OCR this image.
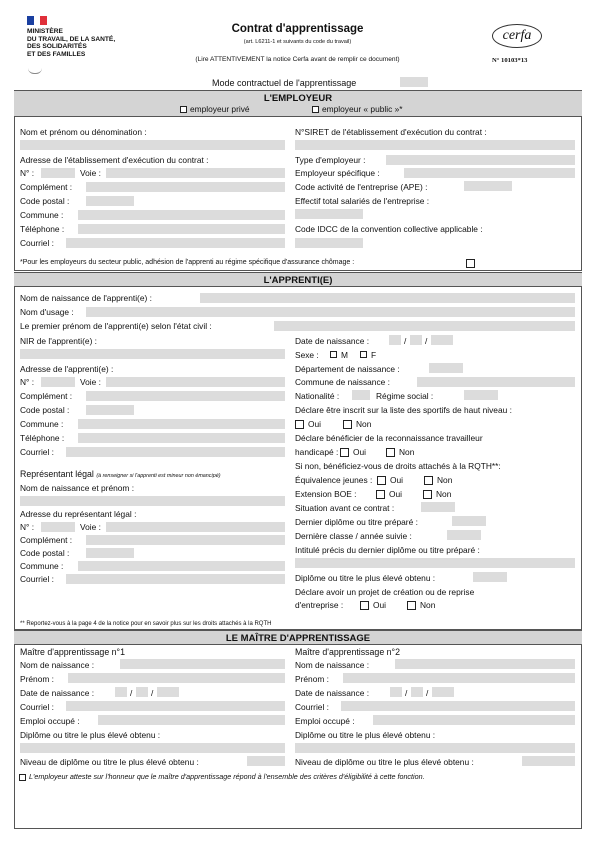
MINISTÈRE
DU TRAVAIL, DE LA SANTÉ,
DES SOLIDARITÉS
ET DES FAMILLES
Contrat d'apprentissage
(art. L6211-1 et suivants du code du travail)
(Lire ATTENTIVEMENT la notice Cerfa avant de remplir ce document)
cerfa
N° 10103*13
Mode contractuel de l'apprentissage
L'EMPLOYEUR
employeur privé	employeur « public »*
Nom et prénom ou dénomination :
Adresse de l'établissement d'exécution du contrat :
N° :	Voie :
Complément :
Code postal :
Commune :
Téléphone :
Courriel :
N°SIRET de l'établissement d'exécution du contrat :
Type d'employeur :
Employeur spécifique :
Code activité de l'entreprise (APE) :
Effectif total salariés de l'entreprise :
Code IDCC de la convention collective applicable :
*Pour les employeurs du secteur public, adhésion de l'apprenti au régime spécifique d'assurance chômage :
L'APPRENTI(E)
Nom de naissance de l'apprenti(e) :
Nom d'usage :
Le premier prénom de l'apprenti(e) selon l'état civil :
NIR de l'apprenti(e) :
Adresse de l'apprenti(e) :
N° :	Voie :
Complément :
Code postal :
Commune :
Téléphone :
Courriel :
Représentant légal (à renseigner si l'apprenti est mineur non émancipé)
Nom de naissance et prénom :
Adresse du représentant légal :
N° :	Voie :
Complément :
Code postal :
Commune :
Courriel :
Date de naissance :	/ /
Sexe :	M	F
Département de naissance :
Commune de naissance :
Nationalité :	Régime social :
Déclare être inscrit sur la liste des sportifs de haut niveau :
Oui	Non
Déclare bénéficier de la reconnaissance travailleur
handicapé : Oui	Non
Si non, bénéficiez-vous de droits attachés à la RQTH**:
Équivalence jeunes : Oui	Non
Extension BOE :	Oui	Non
Situation avant ce contrat :
Dernier diplôme ou titre préparé :
Dernière classe / année suivie :
Intitulé précis du dernier diplôme ou titre préparé :
Diplôme ou titre le plus élevé obtenu :
Déclare avoir un projet de création ou de reprise
d'entreprise :	Oui	Non
** Reportez-vous à la page 4 de la notice pour en savoir plus sur les droits attachés à la RQTH
LE MAÎTRE D'APPRENTISSAGE
Maître d'apprentissage n°1
Nom de naissance :
Prénom :
Date de naissance :	/ /
Courriel :
Emploi occupé :
Diplôme ou titre le plus élevé obtenu :
Niveau de diplôme ou titre le plus élevé obtenu :
Maître d'apprentissage n°2
Nom de naissance :
Prénom :
Date de naissance :	/ /
Courriel :
Emploi occupé :
Diplôme ou titre le plus élevé obtenu :
Niveau de diplôme ou titre le plus élevé obtenu :
L'employeur atteste sur l'honneur que le maître d'apprentissage répond à l'ensemble des critères d'éligibilité à cette fonction.
